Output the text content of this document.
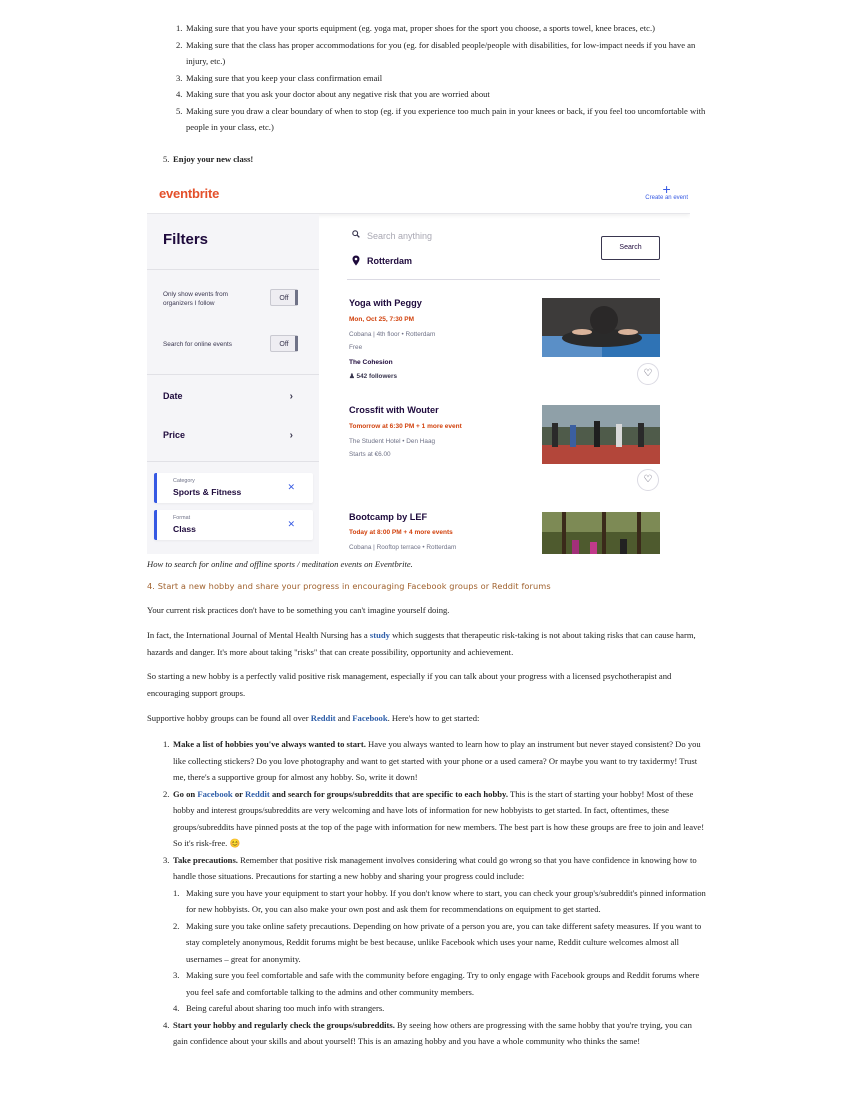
1. Making sure that you have your sports equipment (eg. yoga mat, proper shoes for the sport you choose, a sports towel, knee braces, etc.)
2. Making sure that the class has proper accommodations for you (eg. for disabled people/people with disabilities, for low-impact needs if you have an injury, etc.)
3. Making sure that you keep your class confirmation email
4. Making sure that you ask your doctor about any negative risk that you are worried about
5. Making sure you draw a clear boundary of when to stop (eg. if you experience too much pain in your knees or back, if you feel too uncomfortable with people in your class, etc.)
5. Enjoy your new class!
eventbrite	+
Create an event
Filters
Only show events from organizers I follow
Off
Search for online events	Off
Date	›
Price	›
Category
Sports & Fitness	✕
Format
Class	✕
Search anything
Rotterdam
Search
Yoga with Peggy
Mon, Oct 25, 7:30 PM
Cobana | 4th floor • Rotterdam
Free
The Cohesion
♟ 542 followers	♡
Crossfit with Wouter
Tomorrow at 6:30 PM + 1 more event
The Student Hotel • Den Haag
Starts at €6.00
♡
Bootcamp by LEF
Today at 8:00 PM + 4 more events
Cobana | Rooftop terrace • Rotterdam
How to search for online and offline sports / meditation events on Eventbrite.
4. Start a new hobby and share your progress in encouraging Facebook groups or Reddit forums
Your current risk practices don't have to be something you can't imagine yourself doing.
In fact, the International Journal of Mental Health Nursing has a study which suggests that therapeutic risk-taking is not about taking risks that can cause harm, hazards and danger. It's more about taking "risks" that can create possibility, opportunity and achievement.
So starting a new hobby is a perfectly valid positive risk management, especially if you can talk about your progress with a licensed psychotherapist and encouraging support groups.
Supportive hobby groups can be found all over Reddit and Facebook. Here's how to get started:
1. Make a list of hobbies you've always wanted to start. Have you always wanted to learn how to play an instrument but never stayed consistent? Do you like collecting stickers? Do you love photography and want to get started with your phone or a used camera? Or maybe you want to try taxidermy! Trust me, there's a supportive group for almost any hobby. So, write it down!
2. Go on Facebook or Reddit and search for groups/subreddits that are specific to each hobby. This is the start of starting your hobby! Most of these hobby and interest groups/subreddits are very welcoming and have lots of information for new hobbyists to get started. In fact, oftentimes, these groups/subreddits have pinned posts at the top of the page with information for new members. The best part is how these groups are free to join and leave! So it's risk-free. 😊
3. Take precautions. Remember that positive risk management involves considering what could go wrong so that you have confidence in knowing how to handle those situations. Precautions for starting a new hobby and sharing your progress could include:
1. Making sure you have your equipment to start your hobby. If you don't know where to start, you can check your group's/subreddit's pinned information for new hobbyists. Or, you can also make your own post and ask them for recommendations on equipment to get started.
2. Making sure you take online safety precautions. Depending on how private of a person you are, you can take different safety measures. If you want to stay completely anonymous, Reddit forums might be best because, unlike Facebook which uses your name, Reddit culture welcomes almost all usernames – great for anonymity.
3. Making sure you feel comfortable and safe with the community before engaging. Try to only engage with Facebook groups and Reddit forums where you feel safe and comfortable talking to the admins and other community members.
4. Being careful about sharing too much info with strangers.
4. Start your hobby and regularly check the groups/subreddits. By seeing how others are progressing with the same hobby that you're trying, you can gain confidence about your skills and about yourself! This is an amazing hobby and you have a whole community who thinks the same!
